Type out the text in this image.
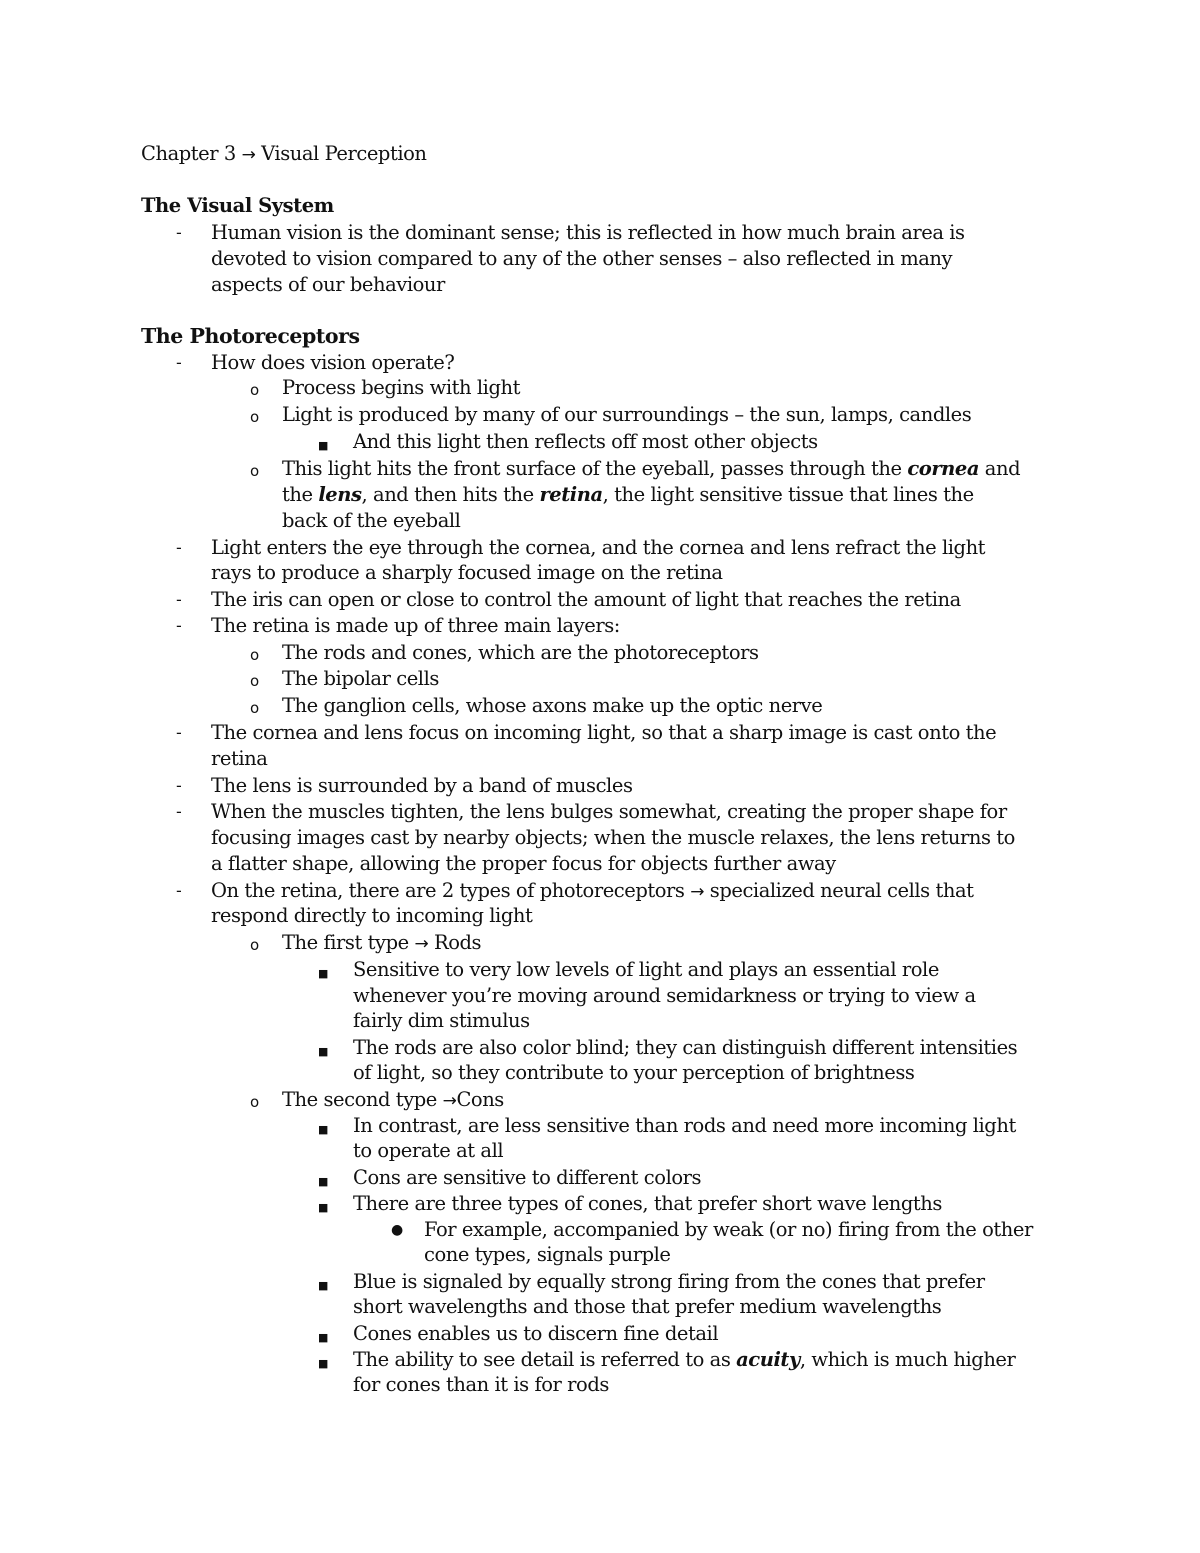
Chapter 3 → Visual Perception
The Visual System
- Human vision is the dominant sense; this is reflected in how much brain area is
devoted to vision compared to any of the other senses – also reflected in many
aspects of our behaviour
The Photoreceptors
- How does vision operate?
o Process begins with light
o Light is produced by many of our surroundings – the sun, lamps, candles
■ And this light then reflects off most other objects
o This light hits the front surface of the eyeball, passes through the cornea and
the lens, and then hits the retina, the light sensitive tissue that lines the
back of the eyeball
- Light enters the eye through the cornea, and the cornea and lens refract the light
rays to produce a sharply focused image on the retina
- The iris can open or close to control the amount of light that reaches the retina
- The retina is made up of three main layers:
o The rods and cones, which are the photoreceptors
o The bipolar cells
o The ganglion cells, whose axons make up the optic nerve
- The cornea and lens focus on incoming light, so that a sharp image is cast onto the
retina
- The lens is surrounded by a band of muscles
- When the muscles tighten, the lens bulges somewhat, creating the proper shape for
focusing images cast by nearby objects; when the muscle relaxes, the lens returns to
a flatter shape, allowing the proper focus for objects further away
- On the retina, there are 2 types of photoreceptors → specialized neural cells that
respond directly to incoming light
o The first type → Rods
■ Sensitive to very low levels of light and plays an essential role
whenever you’re moving around semidarkness or trying to view a
fairly dim stimulus
■ The rods are also color blind; they can distinguish different intensities
of light, so they contribute to your perception of brightness
o The second type →Cons
■ In contrast, are less sensitive than rods and need more incoming light
to operate at all
■ Cons are sensitive to different colors
■ There are three types of cones, that prefer short wave lengths
● For example, accompanied by weak (or no) firing from the other
cone types, signals purple
■ Blue is signaled by equally strong firing from the cones that prefer
short wavelengths and those that prefer medium wavelengths
■ Cones enables us to discern fine detail
■ The ability to see detail is referred to as acuity, which is much higher
for cones than it is for rods
